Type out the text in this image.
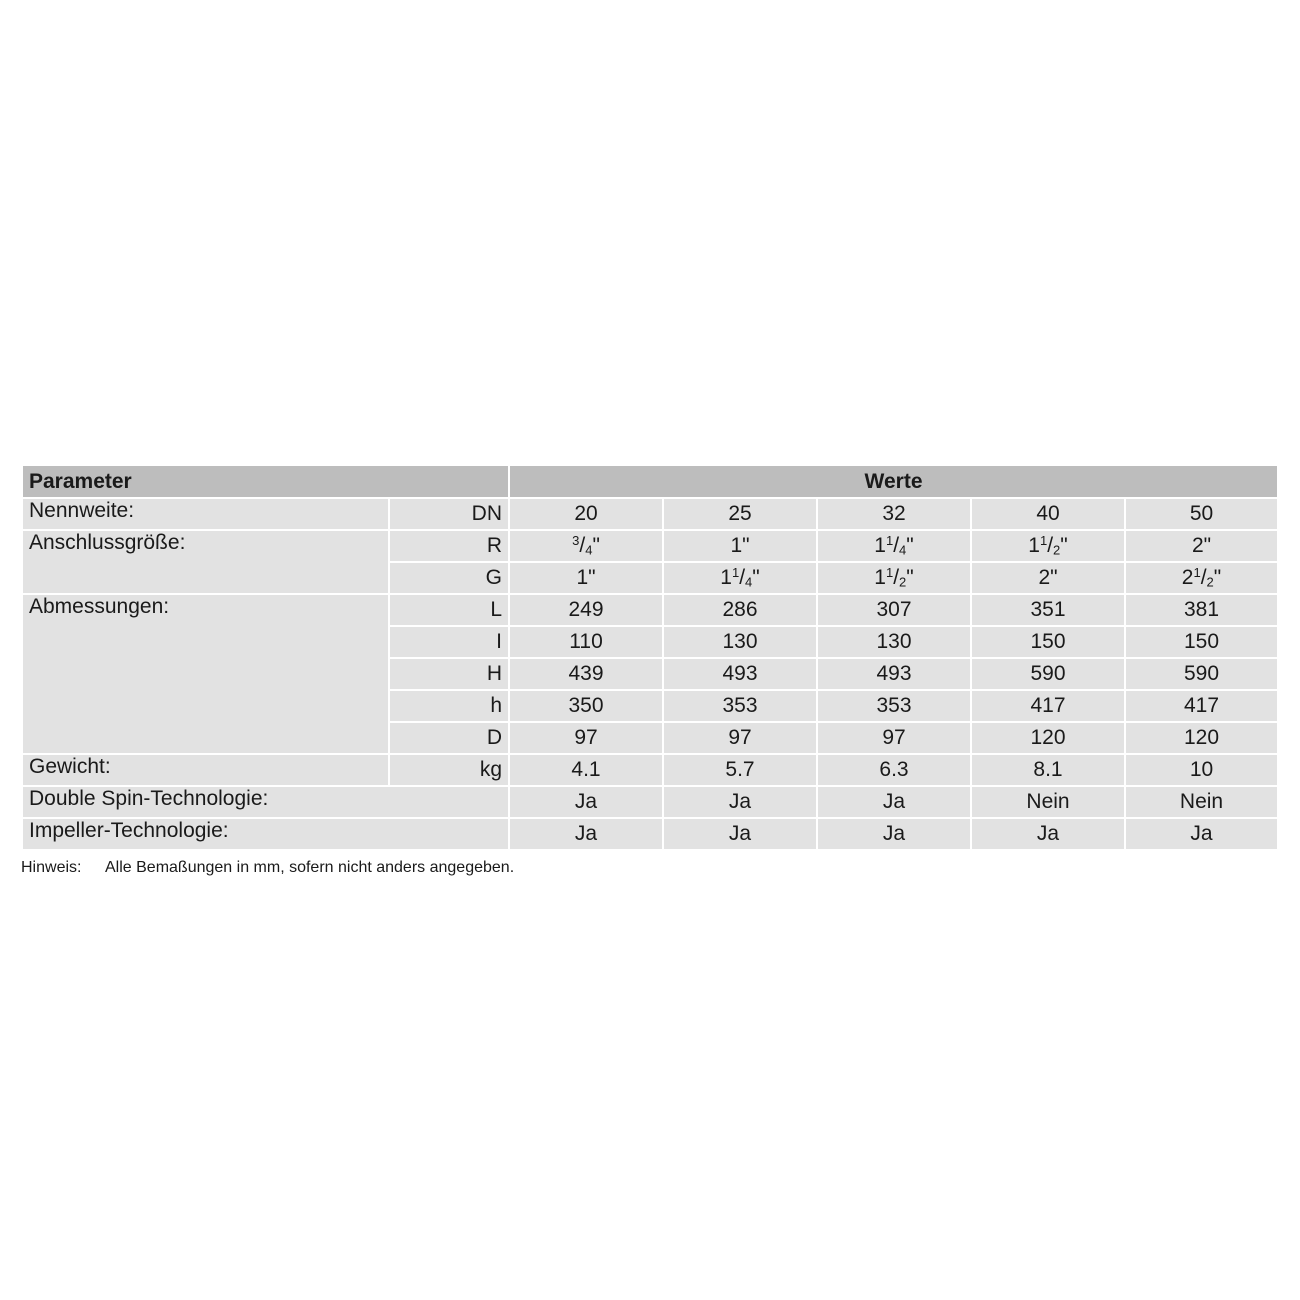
Parameter		Werte				
Nennweite:	DN	20	25	32	40	50
Anschlussgröße:	R	$^3/_4$"	1"	$1^1/_4$"	$1^1/_2$"	2"
	G	1"	$1^1/_4$"	$1^1/_2$"	2"	$2^1/_2$"
Abmessungen:	L	249	286	307	351	381
	I	110	130	130	150	150
	H	439	493	493	590	590
	h	350	353	353	417	417
	D	97	97	97	120	120
Gewicht:	kg	4.1	5.7	6.3	8.1	10
Double Spin-Technologie:		Ja	Ja	Ja	Nein	Nein
Impeller-Technologie:		Ja	Ja	Ja	Ja	Ja
Hinweis: Alle Bemaßungen in mm, sofern nicht anders angegeben.
